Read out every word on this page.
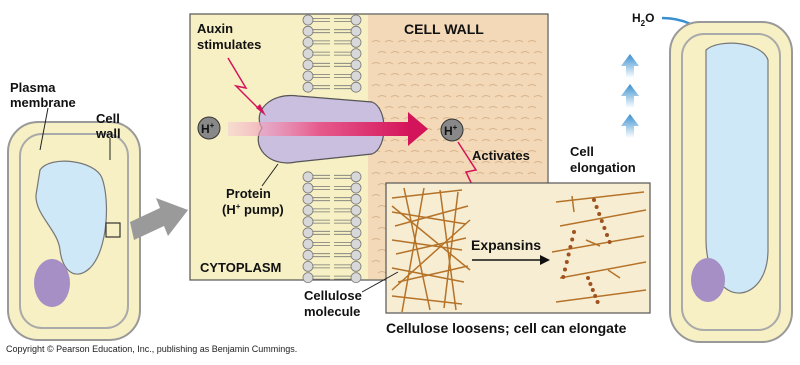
Plasma
membrane
Cell
wall
Auxin
stimulates
CELL WALL
H+	H+
Protein
(H+ pump)
CYTOPLASM
Activates
Expansins
Cell
elongation
Cellulose
molecule
Cellulose loosens; cell can elongate
$H_2O$
Copyright © Pearson Education, Inc., publishing as Benjamin Cummings.
